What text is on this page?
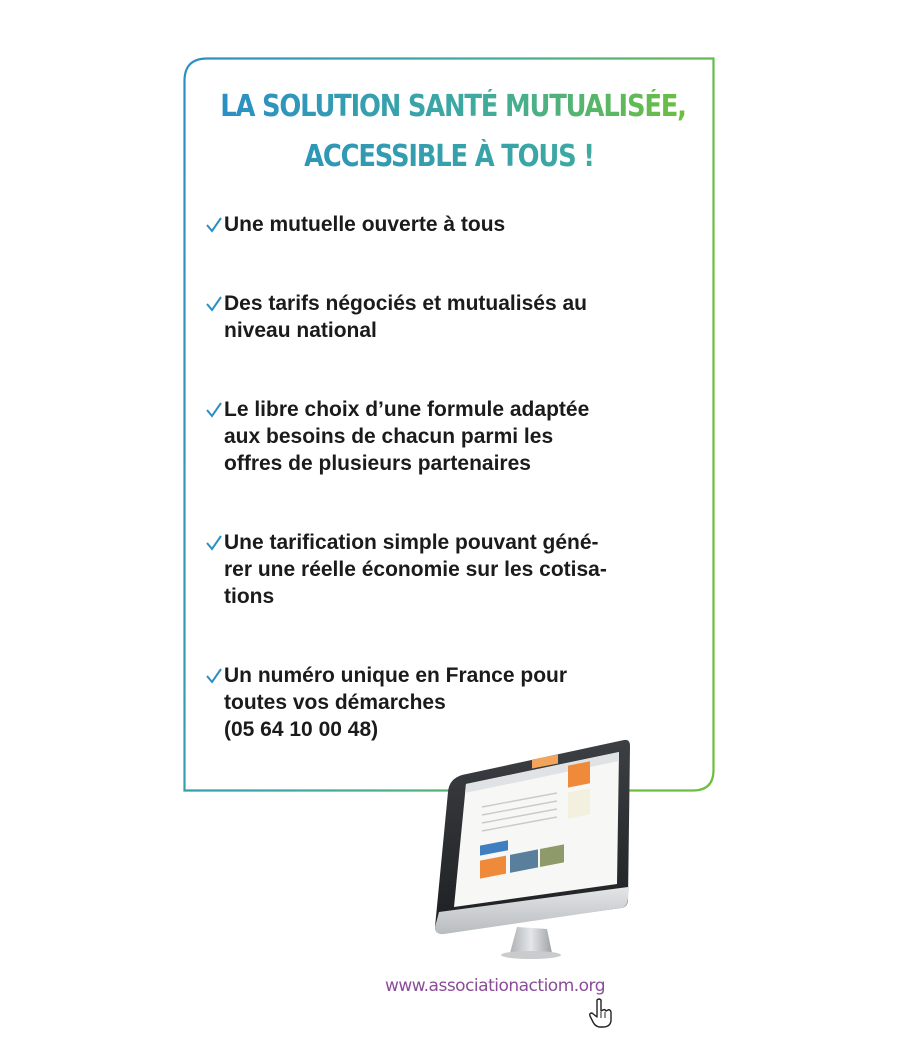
LA SOLUTION SANTÉ MUTUALISÉE,
ACCESSIBLE À TOUS !
Une mutuelle ouverte à tous
Des tarifs négociés et mutualisés au
niveau national
Le libre choix d’une formule adaptée
aux besoins de chacun parmi les
offres de plusieurs partenaires
Une tarification simple pouvant géné-
rer une réelle économie sur les cotisa-
tions
Un numéro unique en France pour
toutes vos démarches
(05 64 10 00 48)
www.associationactiom.org
